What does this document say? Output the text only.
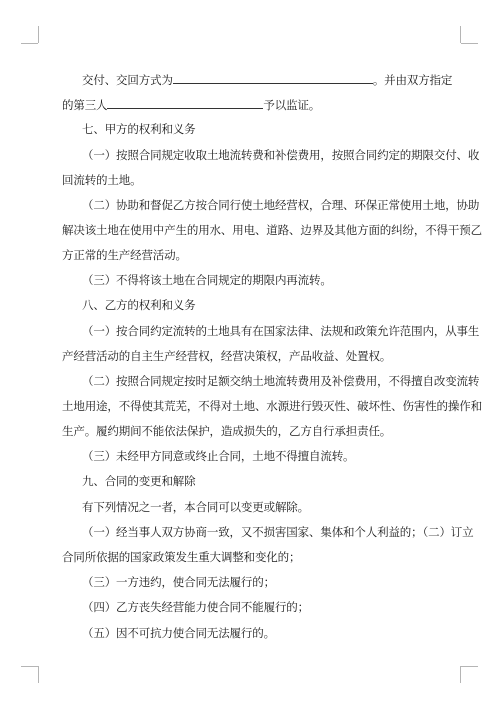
交付、交回方式为	。并由双方指定
的第三人	予以监证。
七、甲方的权利和义务
（一）按照合同规定收取土地流转费和补偿费用，按照合同约定的期限交付、收
回流转的土地。
（二）协助和督促乙方按合同行使土地经营权，合理、环保正常使用土地，协助
解决该土地在使用中产生的用水、用电、道路、边界及其他方面的纠纷，不得干预乙
方正常的生产经营活动。
（三）不得将该土地在合同规定的期限内再流转。
八、乙方的权利和义务
（一）按合同约定流转的土地具有在国家法律、法规和政策允许范围内，从事生
产经营活动的自主生产经营权，经营决策权，产品收益、处置权。
（二）按照合同规定按时足额交纳土地流转费用及补偿费用，不得擅自改变流转
土地用途，不得使其荒芜，不得对土地、水源进行毁灭性、破坏性、伤害性的操作和
生产。履约期间不能依法保护，造成损失的，乙方自行承担责任。
（三）未经甲方同意或终止合同，土地不得擅自流转。
九、合同的变更和解除
有下列情况之一者，本合同可以变更或解除。
（一）经当事人双方协商一致，又不损害国家、集体和个人利益的；（二）订立
合同所依据的国家政策发生重大调整和变化的；
（三）一方违约，使合同无法履行的；
（四）乙方丧失经营能力使合同不能履行的；
（五）因不可抗力使合同无法履行的。
